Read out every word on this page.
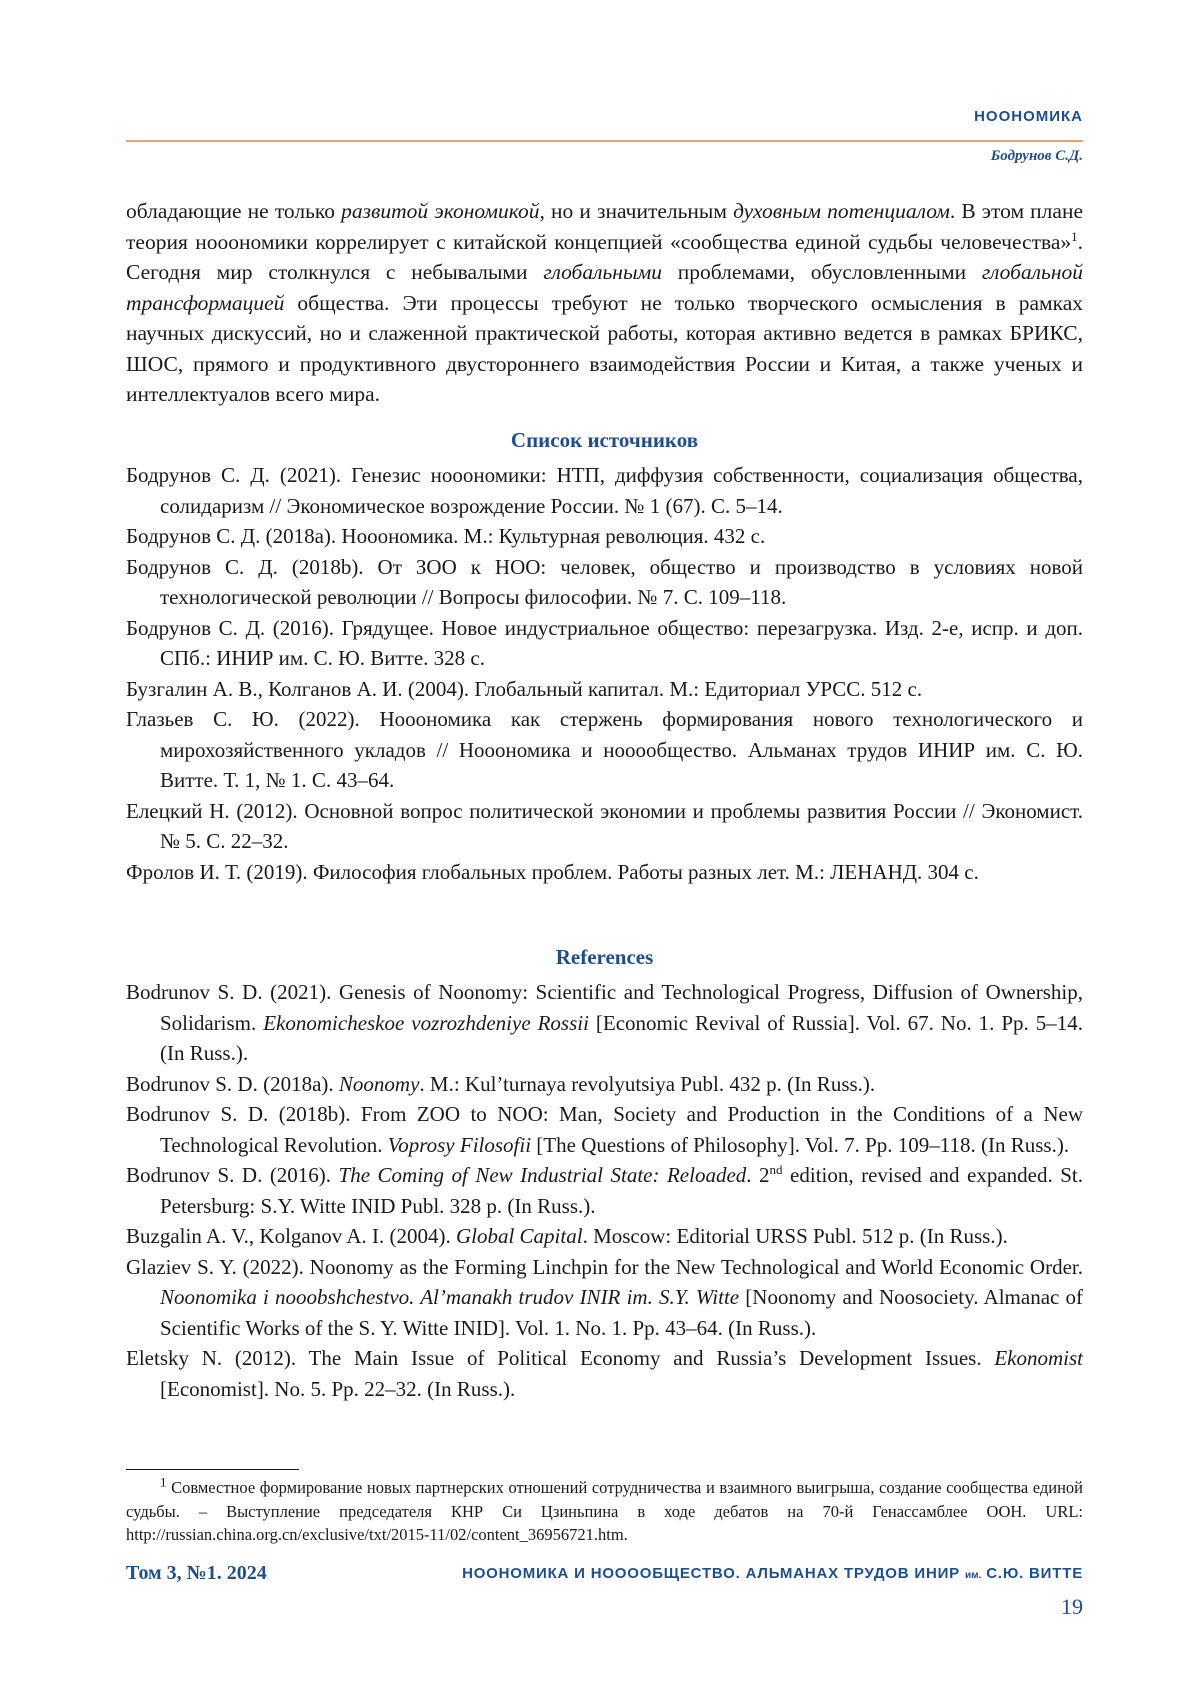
НООНОМИКА
Бодрунов С.Д.

обладающие не только развитой экономикой, но и значительным духовным потенциалом. В этом плане теория нооономики коррелирует с китайской концепцией «сообщества единой судьбы человечества»$^1$. Сегодня мир столкнулся с небывалыми глобальными проблемами, обусловленными глобальной трансформацией общества. Эти процессы требуют не только творческого осмысления в рамках научных дискуссий, но и слаженной практической работы, которая активно ведется в рамках БРИКС, ШОС, прямого и продуктивного двустороннего взаимодействия России и Китая, а также ученых и интеллектуалов всего мира.

Список источников

Бодрунов С. Д. (2021). Генезис нооономики: НТП, диффузия собственности, социализация общества, солидаризм // Экономическое возрождение России. № 1 (67). С. 5–14.

Бодрунов С. Д. (2018a). Нооономика. М.: Культурная революция. 432 с.

Бодрунов С. Д. (2018b). От ЗОО к НОО: человек, общество и производство в условиях новой технологической революции // Вопросы философии. № 7. С. 109–118.

Бодрунов С. Д. (2016). Грядущее. Новое индустриальное общество: перезагрузка. Изд. 2-е, испр. и доп. СПб.: ИНИР им. С. Ю. Витте. 328 с.

Бузгалин А. В., Колганов А. И. (2004). Глобальный капитал. М.: Едиториал УРСС. 512 с.

Глазьев С. Ю. (2022). Нооономика как стержень формирования нового технологического и мирохозяйственного укладов // Нооономика и нооообщество. Альманах трудов ИНИР им. С. Ю. Витте. Т. 1, № 1. С. 43–64.

Елецкий Н. (2012). Основной вопрос политической экономии и проблемы развития России // Экономист. № 5. С. 22–32.

Фролов И. Т. (2019). Философия глобальных проблем. Работы разных лет. М.: ЛЕНАНД. 304 с.

References

Bodrunov S. D. (2021). Genesis of Noonomy: Scientific and Technological Progress, Diffusion of Ownership, Solidarism. Ekonomicheskoe vozrozhdeniye Rossii [Economic Revival of Russia]. Vol. 67. No. 1. Pp. 5–14. (In Russ.).

Bodrunov S. D. (2018a). Noonomy. M.: Kul’turnaya revolyutsiya Publ. 432 p. (In Russ.).

Bodrunov S. D. (2018b). From ZOO to NOO: Man, Society and Production in the Conditions of a New Technological Revolution. Voprosy Filosofii [The Questions of Philosophy]. Vol. 7. Pp. 109–118. (In Russ.).

Bodrunov S. D. (2016). The Coming of New Industrial State: Reloaded. 2nd edition, revised and expanded. St. Petersburg: S.Y. Witte INID Publ. 328 p. (In Russ.).

Buzgalin A. V., Kolganov A. I. (2004). Global Capital. Moscow: Editorial URSS Publ. 512 p. (In Russ.).

Glaziev S. Y. (2022). Noonomy as the Forming Linchpin for the New Technological and World Economic Order. Noonomika i nooobshchestvo. Al’manakh trudov INIR im. S.Y. Witte [Noonomy and Noosociety. Almanac of Scientific Works of the S. Y. Witte INID]. Vol. 1. No. 1. Pp. 43–64. (In Russ.).

Eletsky N. (2012). The Main Issue of Political Economy and Russia’s Development Issues. Ekonomist [Economist]. No. 5. Pp. 22–32. (In Russ.).

$^1$ Совместное формирование новых партнерских отношений сотрудничества и взаимного выигрыша, создание сообщества единой судьбы. – Выступление председателя КНР Си Цзиньпина в ходе дебатов на 70-й Генассамблее ООН. URL: http://russian.china.org.cn/exclusive/txt/2015-11/02/content_36956721.htm.

Том 3, №1. 2024	НООНОМИКА И НООООБЩЕСТВО. АЛЬМАНАХ ТРУДОВ ИНИР им. С.Ю. ВИТТЕ
19
